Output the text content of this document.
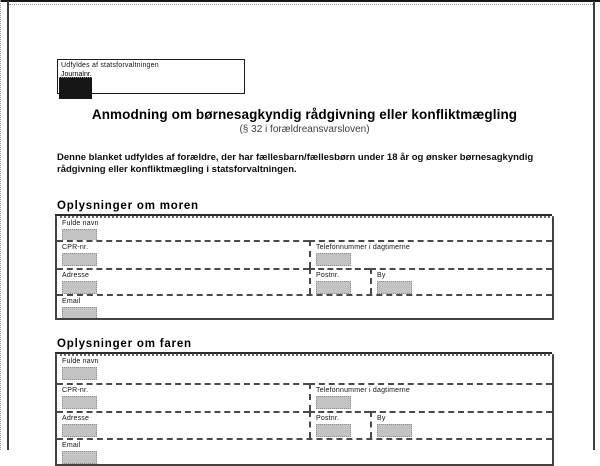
Udfyldes af statsforvaltningen
Journalnr.
Anmodning om børnesagkyndig rådgivning eller konfliktmægling
(§ 32 i forældreansvarsloven)
Denne blanket udfyldes af forældre, der har fællesbarn/fællesbørn under 18 år og ønsker børnesagkyndig rådgivning eller konfliktmægling i statsforvaltningen.
Oplysninger om moren
Fulde navn
CPR-nr.	Telefonnummer i dagtimerne
Adresse	Postnr.	By
Email
Oplysninger om faren
Fulde navn
CPR-nr.	Telefonnummer i dagtimerne
Adresse	Postnr.	By
Email
